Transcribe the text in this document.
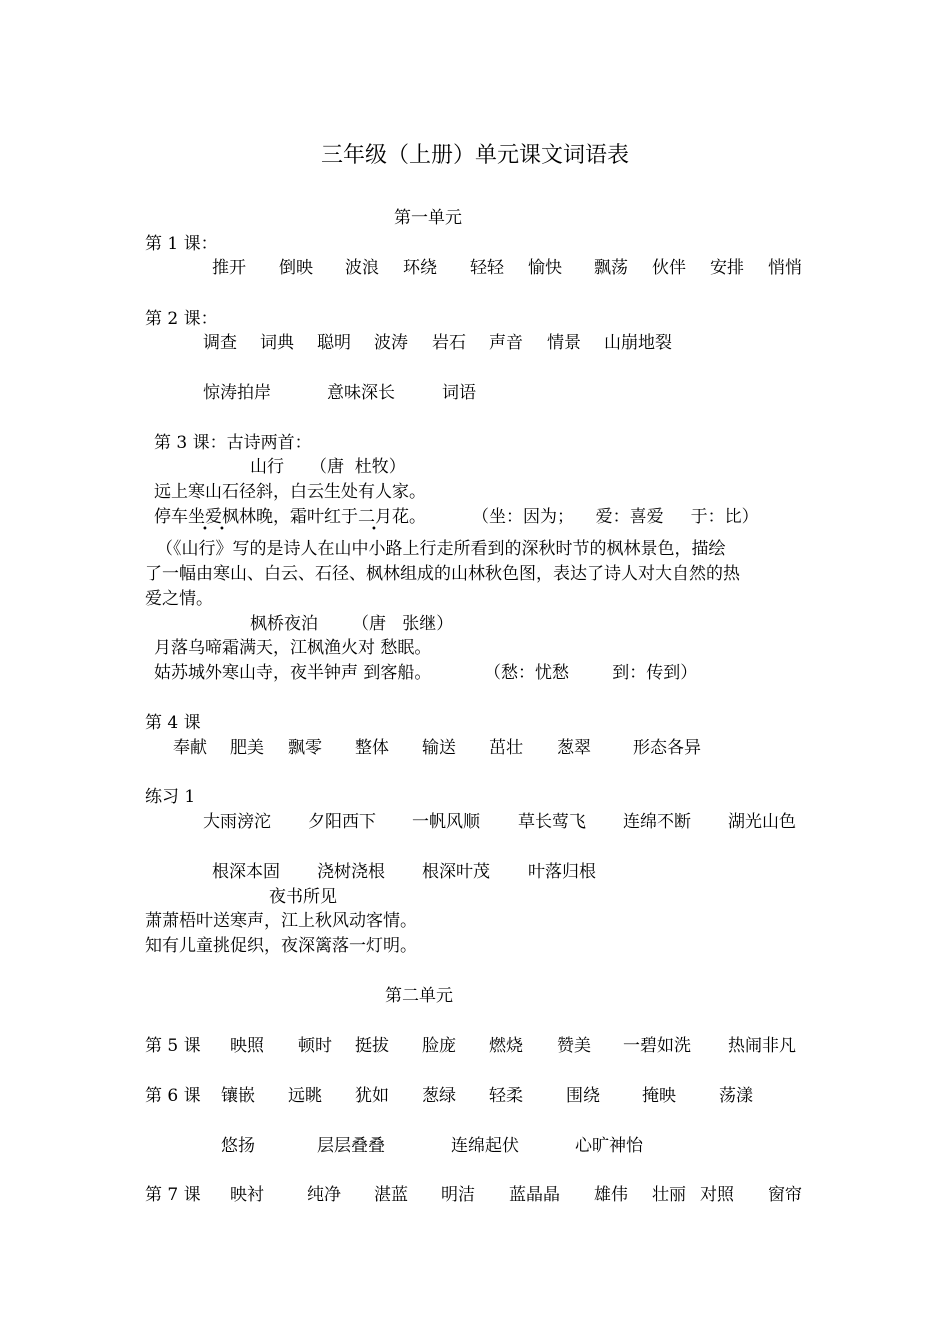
三年级（上册）单元课文词语表
第一单元
第 1 课：
推开 倒映 波浪 环绕 轻轻 愉快 飘荡 伙伴 安排 悄悄
第 2 课：
调查 词典 聪明 波涛 岩石 声音 情景 山崩地裂
惊涛拍岸	意味深长	词语
第 3 课：古诗两首：
山行 （唐  杜牧）
远上寒山石径斜，白云生处有人家。
停车坐爱枫林晚，霜叶红于二月花。
• •	•
（坐：因为；    爱：喜爱     于：比）
（《山行》写的是诗人在山中小路上行走所看到的深秋时节的枫林景色，描绘
了一幅由寒山、白云、石径、枫林组成的山林秋色图，表达了诗人对大自然的热
爱之情。
枫桥夜泊 （唐   张继）
月落乌啼霜满天，江枫渔火对 愁眠。
姑苏城外寒山寺，夜半钟声 到客船。	（愁：忧愁        到：传到）
第 4 课
奉献 肥美 飘零 整体 输送 茁壮 葱翠 形态各异
练习 1
大雨滂沱 夕阳西下 一帆风顺 草长莺飞 连绵不断 湖光山色
根深本固 浇树浇根 根深叶茂 叶落归根
夜书所见
萧萧梧叶送寒声，江上秋风动客情。
知有儿童挑促织，夜深篱落一灯明。
第二单元
第 5 课 映照 顿时 挺拔 脸庞 燃烧 赞美 一碧如洗 热闹非凡
第 6 课 镶嵌 远眺 犹如 葱绿 轻柔	围绕 掩映	荡漾
悠扬	层层叠叠	连绵起伏	心旷神怡
第 7 课 映衬	纯净 湛蓝 明洁 蓝晶晶 雄伟 壮丽 对照 窗帘
